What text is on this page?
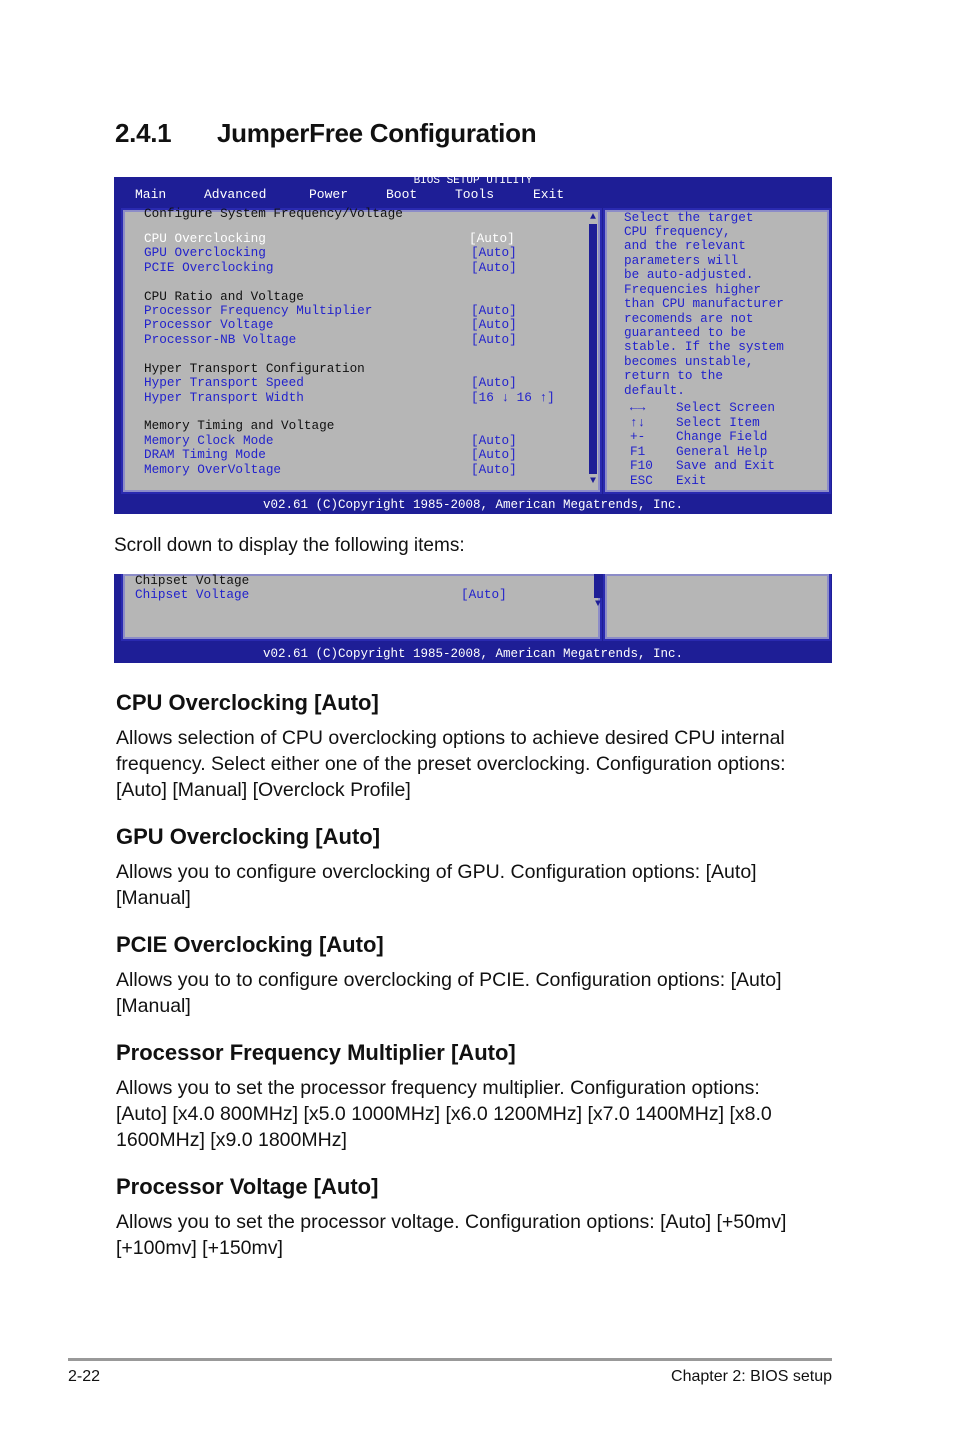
2.4.1 JumperFree Configuration
BIOS SETUP UTILITY
Main	Advanced	Power	Boot	Tools	Exit
Configure System Frequency/Voltage
CPU Overclocking	[Auto]
GPU Overclocking	[Auto]
PCIE Overclocking	[Auto]
CPU Ratio and Voltage
Processor Frequency Multiplier	[Auto]
Processor Voltage	[Auto]
Processor-NB Voltage	[Auto]
Hyper Transport Configuration
Hyper Transport Speed	[Auto]
Hyper Transport Width	[16 ↓ 16 ↑]
Memory Timing and Voltage
Memory Clock Mode	[Auto]
DRAM Timing Mode	[Auto]
Memory OverVoltage	[Auto]
▲
▼
Select the target
CPU frequency,
and the relevant
parameters will
be auto-adjusted.
Frequencies higher
than CPU manufacturer
recomends are not
guaranteed to be
stable. If the system
becomes unstable,
return to the
default.
←→ Select Screen
↑↓ Select Item
+- Change Field
F1 General Help
F10 Save and Exit
ESC Exit
v02.61 (C)Copyright 1985-2008, American Megatrends, Inc.
Scroll down to display the following items:
Chipset Voltage
Chipset Voltage	[Auto]
▼
v02.61 (C)Copyright 1985-2008, American Megatrends, Inc.
CPU Overclocking [Auto]
Allows selection of CPU overclocking options to achieve desired CPU internal frequency. Select either one of the preset overclocking. Configuration options: [Auto] [Manual] [Overclock Profile]
GPU Overclocking [Auto]
Allows you to configure overclocking of GPU. Configuration options: [Auto] [Manual]
PCIE Overclocking [Auto]
Allows you to to configure overclocking of PCIE. Configuration options: [Auto] [Manual]
Processor Frequency Multiplier [Auto]
Allows you to set the processor frequency multiplier. Configuration options: [Auto] [x4.0 800MHz] [x5.0 1000MHz] [x6.0 1200MHz] [x7.0 1400MHz] [x8.0 1600MHz] [x9.0 1800MHz]
Processor Voltage [Auto]
Allows you to set the processor voltage. Configuration options: [Auto] [+50mv] [+100mv] [+150mv]
2-22	Chapter 2: BIOS setup
